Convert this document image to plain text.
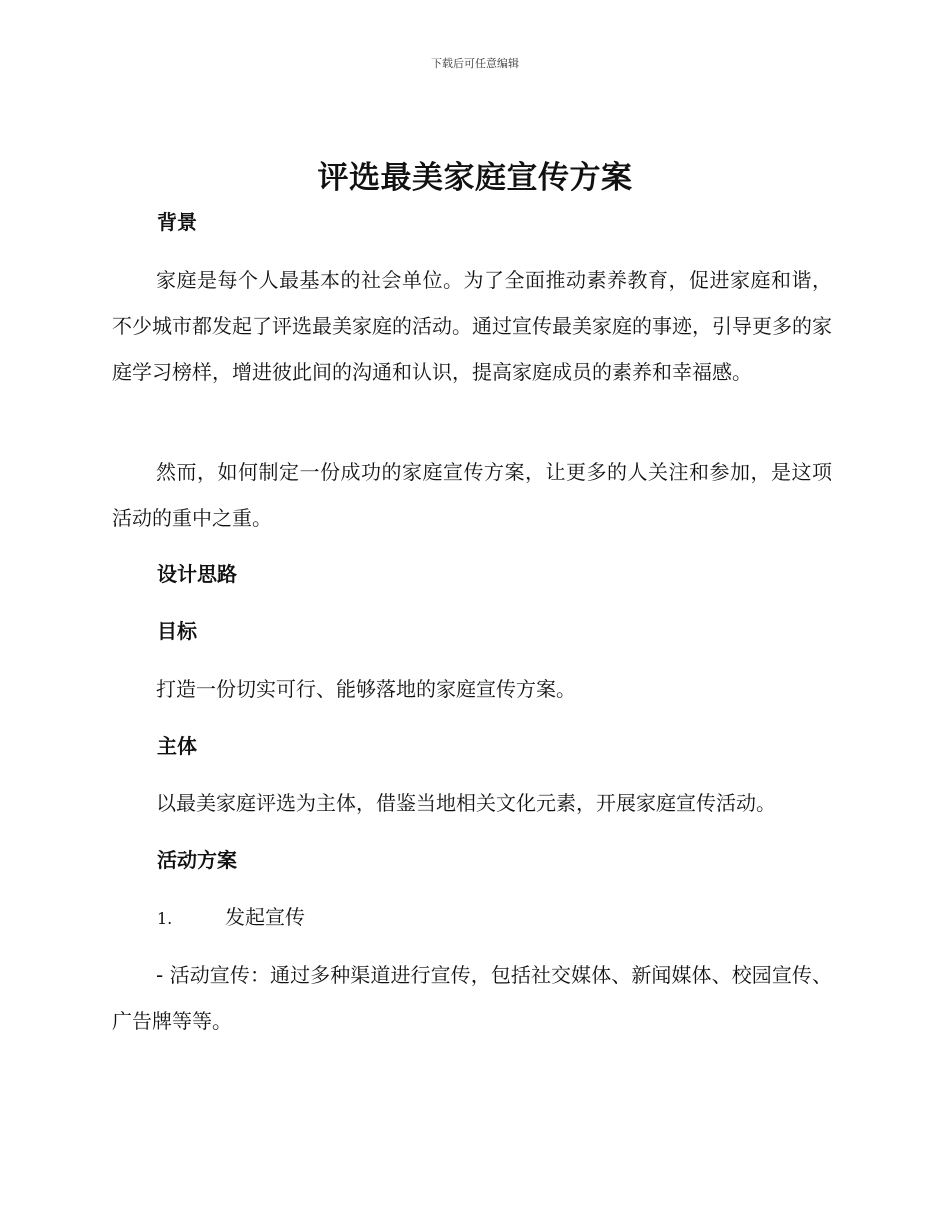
下载后可任意编辑
评选最美家庭宣传方案
背景

家庭是每个人最基本的社会单位。为了全面推动素养教育，促进家庭和谐，不少城市都发起了评选最美家庭的活动。通过宣传最美家庭的事迹，引导更多的家庭学习榜样，增进彼此间的沟通和认识，提高家庭成员的素养和幸福感。

然而，如何制定一份成功的家庭宣传方案，让更多的人关注和参加，是这项活动的重中之重。

设计思路
目标

打造一份切实可行、能够落地的家庭宣传方案。

主体

以最美家庭评选为主体，借鉴当地相关文化元素，开展家庭宣传活动。

活动方案
1.	发起宣传

- 活动宣传：通过多种渠道进行宣传，包括社交媒体、新闻媒体、校园宣传、广告牌等等。
